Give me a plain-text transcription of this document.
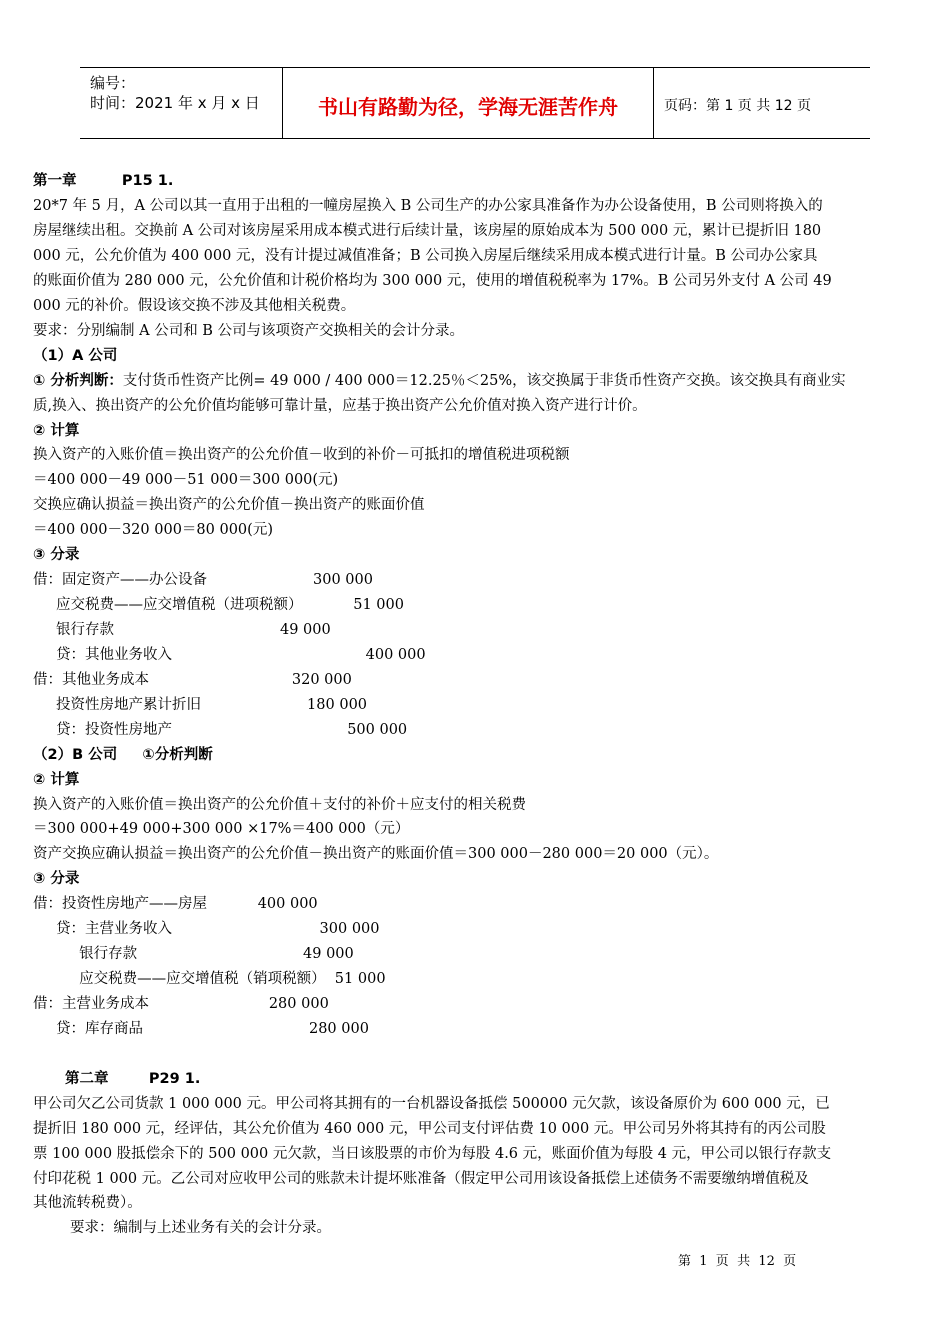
编号：
时间：2021 年 x 月 x 日	书山有路勤为径，学海无涯苦作舟	页码：第 1 页 共 12 页
第一章         P15 1.
20*7 年 5 月，A 公司以其一直用于出租的一幢房屋换入 B 公司生产的办公家具准备作为办公设备使用，B 公司则将换入的
房屋继续出租。交换前 A 公司对该房屋采用成本模式进行后续计量，该房屋的原始成本为 500 000 元，累计已提折旧 180
000 元，公允价值为 400 000 元，没有计提过减值准备；B 公司换入房屋后继续采用成本模式进行计量。B 公司办公家具
的账面价值为 280 000 元，公允价值和计税价格均为 300 000 元，使用的增值税税率为 17%。B 公司另外支付 A 公司 49
000 元的补价。假设该交换不涉及其他相关税费。
要求：分别编制 A 公司和 B 公司与该项资产交换相关的会计分录。
（1）A 公司
① 分析判断：支付货币性资产比例= 49 000 / 400 000＝12.25％＜25%，该交换属于非货币性资产交换。该交换具有商业实
质,换入、换出资产的公允价值均能够可靠计量，应基于换出资产公允价值对换入资产进行计价。
② 计算
换入资产的入账价值＝换出资产的公允价值－收到的补价－可抵扣的增值税进项税额
＝400 000－49 000－51 000＝300 000(元)
交换应确认损益＝换出资产的公允价值－换出资产的账面价值
＝400 000－320 000＝80 000(元)
③ 分录
借：固定资产——办公设备                       300 000
应交税费——应交增值税（进项税额）           51 000
银行存款                                    49 000
贷：其他业务收入                                          400 000
借：其他业务成本                               320 000
投资性房地产累计折旧                       180 000
贷：投资性房地产                                      500 000
（2）B 公司     ①分析判断
② 计算
换入资产的入账价值＝换出资产的公允价值＋支付的补价＋应支付的相关税费
＝300 000+49 000+300 000 ×17%＝400 000（元）
资产交换应确认损益＝换出资产的公允价值－换出资产的账面价值＝300 000－280 000＝20 000（元）。
③ 分录
借：投资性房地产——房屋           400 000
贷：主营业务收入                                300 000
银行存款                                    49 000
应交税费——应交增值税（销项税额）  51 000
借：主营业务成本                          280 000
贷：库存商品                                    280 000
第二章        P29 1.
甲公司欠乙公司货款 1 000 000 元。甲公司将其拥有的一台机器设备抵偿 500000 元欠款，该设备原价为 600 000 元，已
提折旧 180 000 元，经评估，其公允价值为 460 000 元，甲公司支付评估费 10 000 元。甲公司另外将其持有的丙公司股
票 100 000 股抵偿余下的 500 000 元欠款，当日该股票的市价为每股 4.6 元，账面价值为每股 4 元，甲公司以银行存款支
付印花税 1 000 元。乙公司对应收甲公司的账款未计提坏账准备（假定甲公司用该设备抵偿上述债务不需要缴纳增值税及
其他流转税费）。
要求：编制与上述业务有关的会计分录。
第  1  页  共  12  页
